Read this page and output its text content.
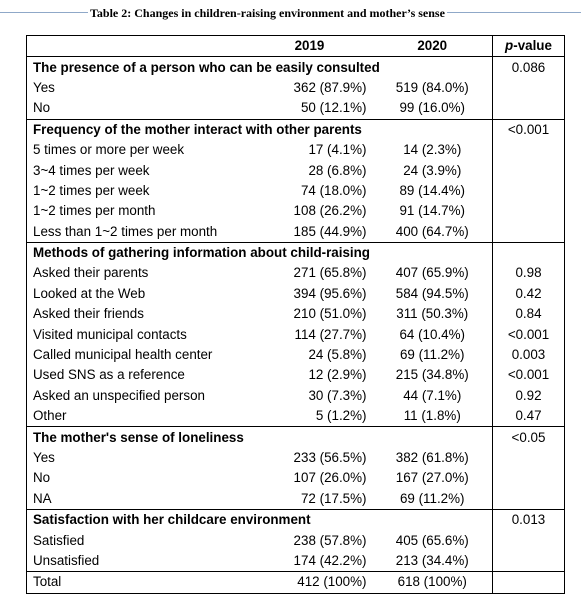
Table 2: Changes in children-raising environment and mother’s sense
	2019	2020	p-value
The presence of a person who can be easily consulted			0.086
Yes	362 (87.9%)	519 (84.0%)	
No	50 (12.1%)	99 (16.0%)	
Frequency of the mother interact with other parents			<0.001
5 times or more per week	17 (4.1%)	14 (2.3%)	
3~4 times per week	28 (6.8%)	24 (3.9%)	
1~2 times per week	74 (18.0%)	89 (14.4%)	
1~2 times per month	108 (26.2%)	91 (14.7%)	
Less than 1~2 times per month	185 (44.9%)	400 (64.7%)	
Methods of gathering information about child-raising			
Asked their parents	271 (65.8%)	407 (65.9%)	0.98
Looked at the Web	394 (95.6%)	584 (94.5%)	0.42
Asked their friends	210 (51.0%)	311 (50.3%)	0.84
Visited municipal contacts	114 (27.7%)	64 (10.4%)	<0.001
Called municipal health center	24 (5.8%)	69 (11.2%)	0.003
Used SNS as a reference	12 (2.9%)	215 (34.8%)	<0.001
Asked an unspecified person	30 (7.3%)	44 (7.1%)	0.92
Other	5 (1.2%)	11 (1.8%)	0.47
The mother's sense of loneliness			<0.05
Yes	233 (56.5%)	382 (61.8%)	
No	107 (26.0%)	167 (27.0%)	
NA	72 (17.5%)	69 (11.2%)	
Satisfaction with her childcare environment			0.013
Satisfied	238 (57.8%)	405 (65.6%)	
Unsatisfied	174 (42.2%)	213 (34.4%)	
Total	412 (100%)	618 (100%)	
